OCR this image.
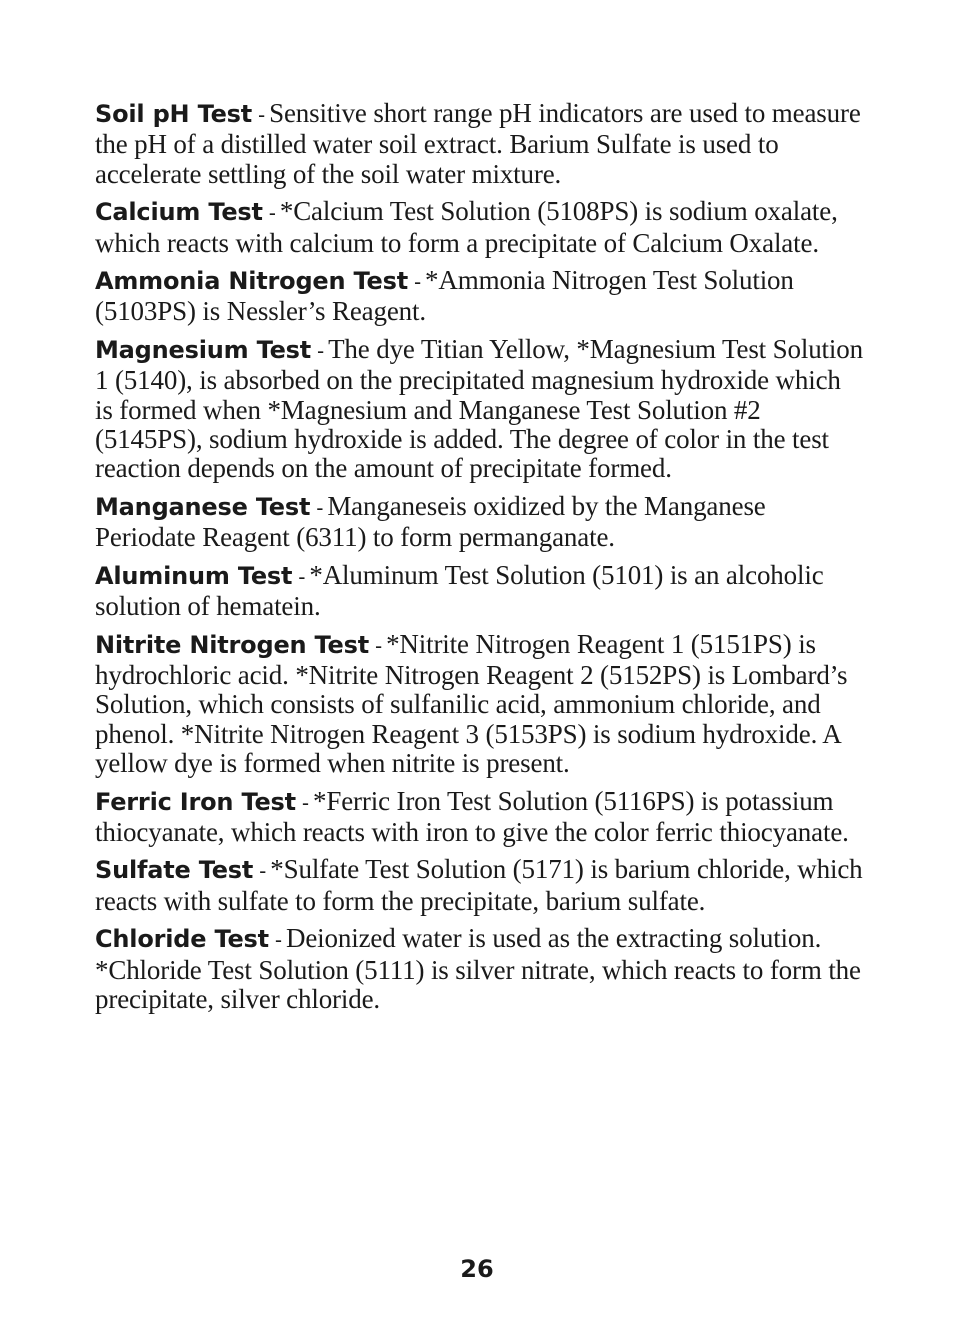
Soil pH Test - Sensitive short range pH indicators are used to measure the pH of a distilled water soil extract. Barium Sulfate is used to accelerate settling of the soil water mixture.

Calcium Test - *Calcium Test Solution (5108PS) is sodium oxalate, which reacts with calcium to form a precipitate of Calcium Oxalate.

Ammonia Nitrogen Test - *Ammonia Nitrogen Test Solution (5103PS) is Nessler’s Reagent.

Magnesium Test - The dye Titian Yellow, *Magnesium Test Solution 1 (5140), is absorbed on the precipitated magnesium hydroxide which is formed when *Magnesium and Manganese Test Solution #2 (5145PS), sodium hydroxide is added. The degree of color in the test reaction depends on the amount of precipitate formed.

Manganese Test - Manganeseis oxidized by the Manganese Periodate Reagent (6311) to form permanganate.

Aluminum Test - *Aluminum Test Solution (5101) is an alcoholic solution of hematein.

Nitrite Nitrogen Test - *Nitrite Nitrogen Reagent 1 (5151PS) is hydrochloric acid. *Nitrite Nitrogen Reagent 2 (5152PS) is Lombard’s Solution, which consists of sulfanilic acid, ammonium chloride, and phenol. *Nitrite Nitrogen Reagent 3 (5153PS) is sodium hydroxide. A yellow dye is formed when nitrite is present.

Ferric Iron Test - *Ferric Iron Test Solution (5116PS) is potassium thiocyanate, which reacts with iron to give the color ferric thiocyanate.

Sulfate Test - *Sulfate Test Solution (5171) is barium chloride, which reacts with sulfate to form the precipitate, barium sulfate.

Chloride Test - Deionized water is used as the extracting solution. *Chloride Test Solution (5111) is silver nitrate, which reacts to form the precipitate, silver chloride.

26
